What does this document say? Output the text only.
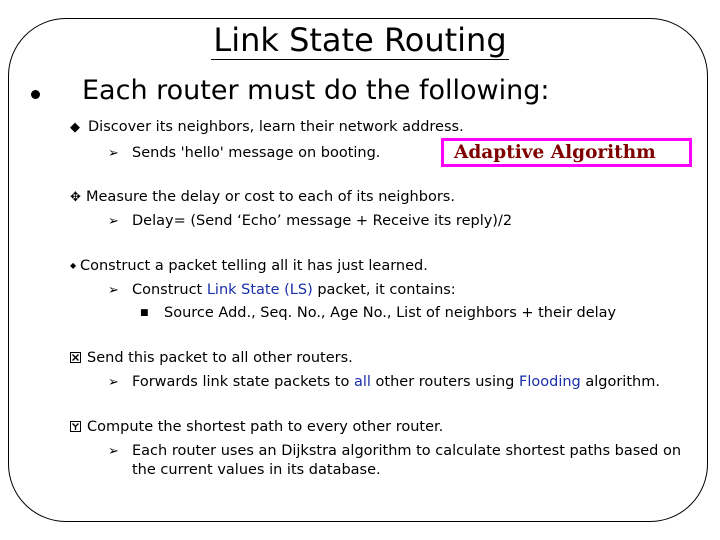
Link State Routing
Each router must do the following:
◆ Discover its neighbors, learn their network address.
➢ Sends 'hello' message on booting.	Adaptive Algorithm
✥ Measure the delay or cost to each of its neighbors.
➢ Delay= (Send ‘Echo’ message + Receive its reply)/2
◆ Construct a packet telling all it has just learned.
➢ Construct Link State (LS) packet, it contains:
■ Source Add., Seq. No., Age No., List of neighbors + their delay
Send this packet to all other routers.
➢ Forwards link state packets to all other routers using Flooding algorithm.
Compute the shortest path to every other router.
➢ Each router uses an Dijkstra algorithm to calculate shortest paths based on
the current values in its database.
